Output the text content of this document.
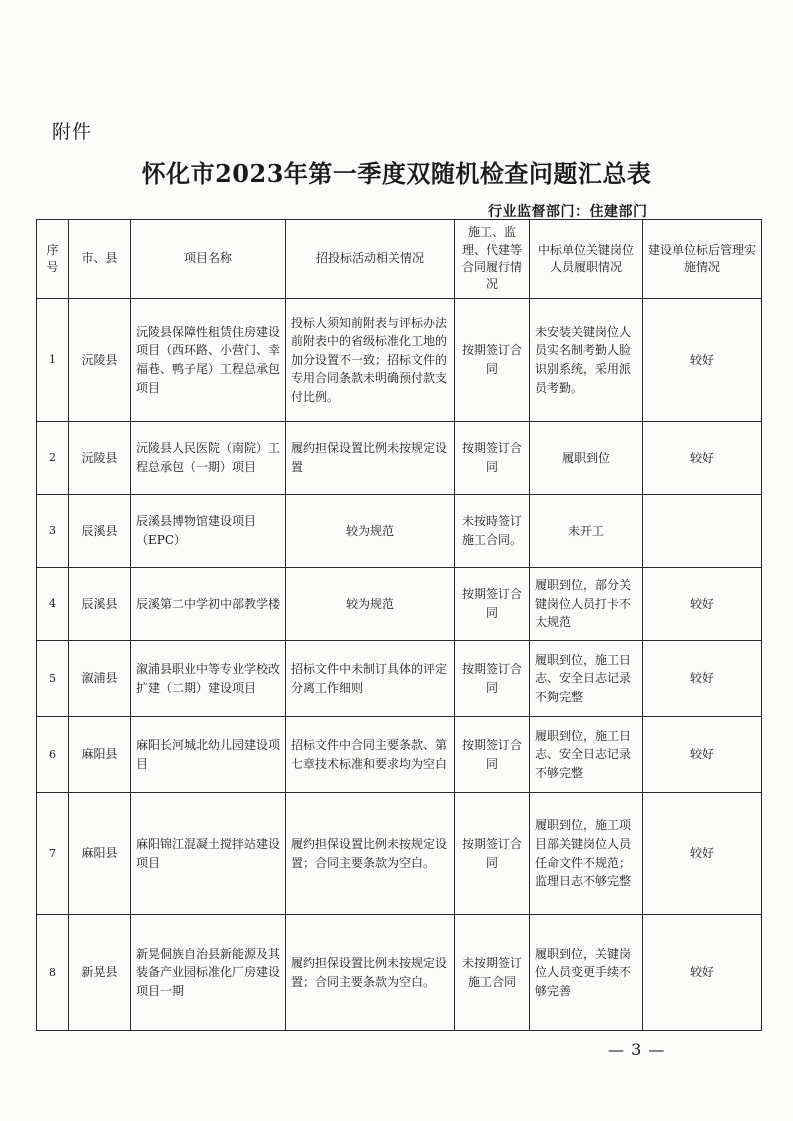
附件
怀化市2023年第一季度双随机检查问题汇总表
行业监督部门：住建部门
序号	市、县	项目名称	招投标活动相关情况	施工、监理、代建等合同履行情况	中标单位关键岗位人员履职情况	建设单位标后管理实施情况
1	沅陵县	沅陵县保障性租赁住房建设项目（西环路、小营门、幸福巷、鸭子尾）工程总承包项目	投标人须知前附表与评标办法前附表中的省级标准化工地的加分设置不一致；招标文件的专用合同条款未明确预付款支付比例。	按期签订合同	未安装关键岗位人员实名制考勤人脸识别系统，采用派员考勤。	较好
2	沅陵县	沅陵县人民医院（南院）工程总承包（一期）项目	履约担保设置比例未按规定设置	按期签订合同	履职到位	较好
3	辰溪县	辰溪县博物馆建设项目（EPC）	较为规范	未按時签订施工合同。	未开工	
4	辰溪县	辰溪第二中学初中部教学楼	较为规范	按期签订合同	履职到位，部分关键岗位人员打卡不太规范	较好
5	溆浦县	溆浦县职业中等专业学校改扩建（二期）建设项目	招标文件中未制订具体的评定分离工作细则	按期签订合同	履职到位，施工日志、安全日志记录不夠完整	较好
6	麻阳县	麻阳长河城北幼儿园建设项目	招标文件中合同主要条款、第七章技术标准和要求均为空白	按期签订合同	履职到位，施工日志、安全日志记录不够完整	较好
7	麻阳县	麻阳锦江混凝土搅拌站建设项目	履约担保设置比例未按规定设置；合同主要条款为空白。	按期签订合同	履职到位，施工项目部关键岗位人员任命文件不规范；监理日志不够完整	较好
8	新晃县	新晃侗族自治县新能源及其装备产业园标准化厂房建设项目一期	履约担保设置比例未按规定设置；合同主要条款为空白。	未按期签订施工合同	履职到位，关键岗位人员变更手续不够完善	较好
— 3 —
